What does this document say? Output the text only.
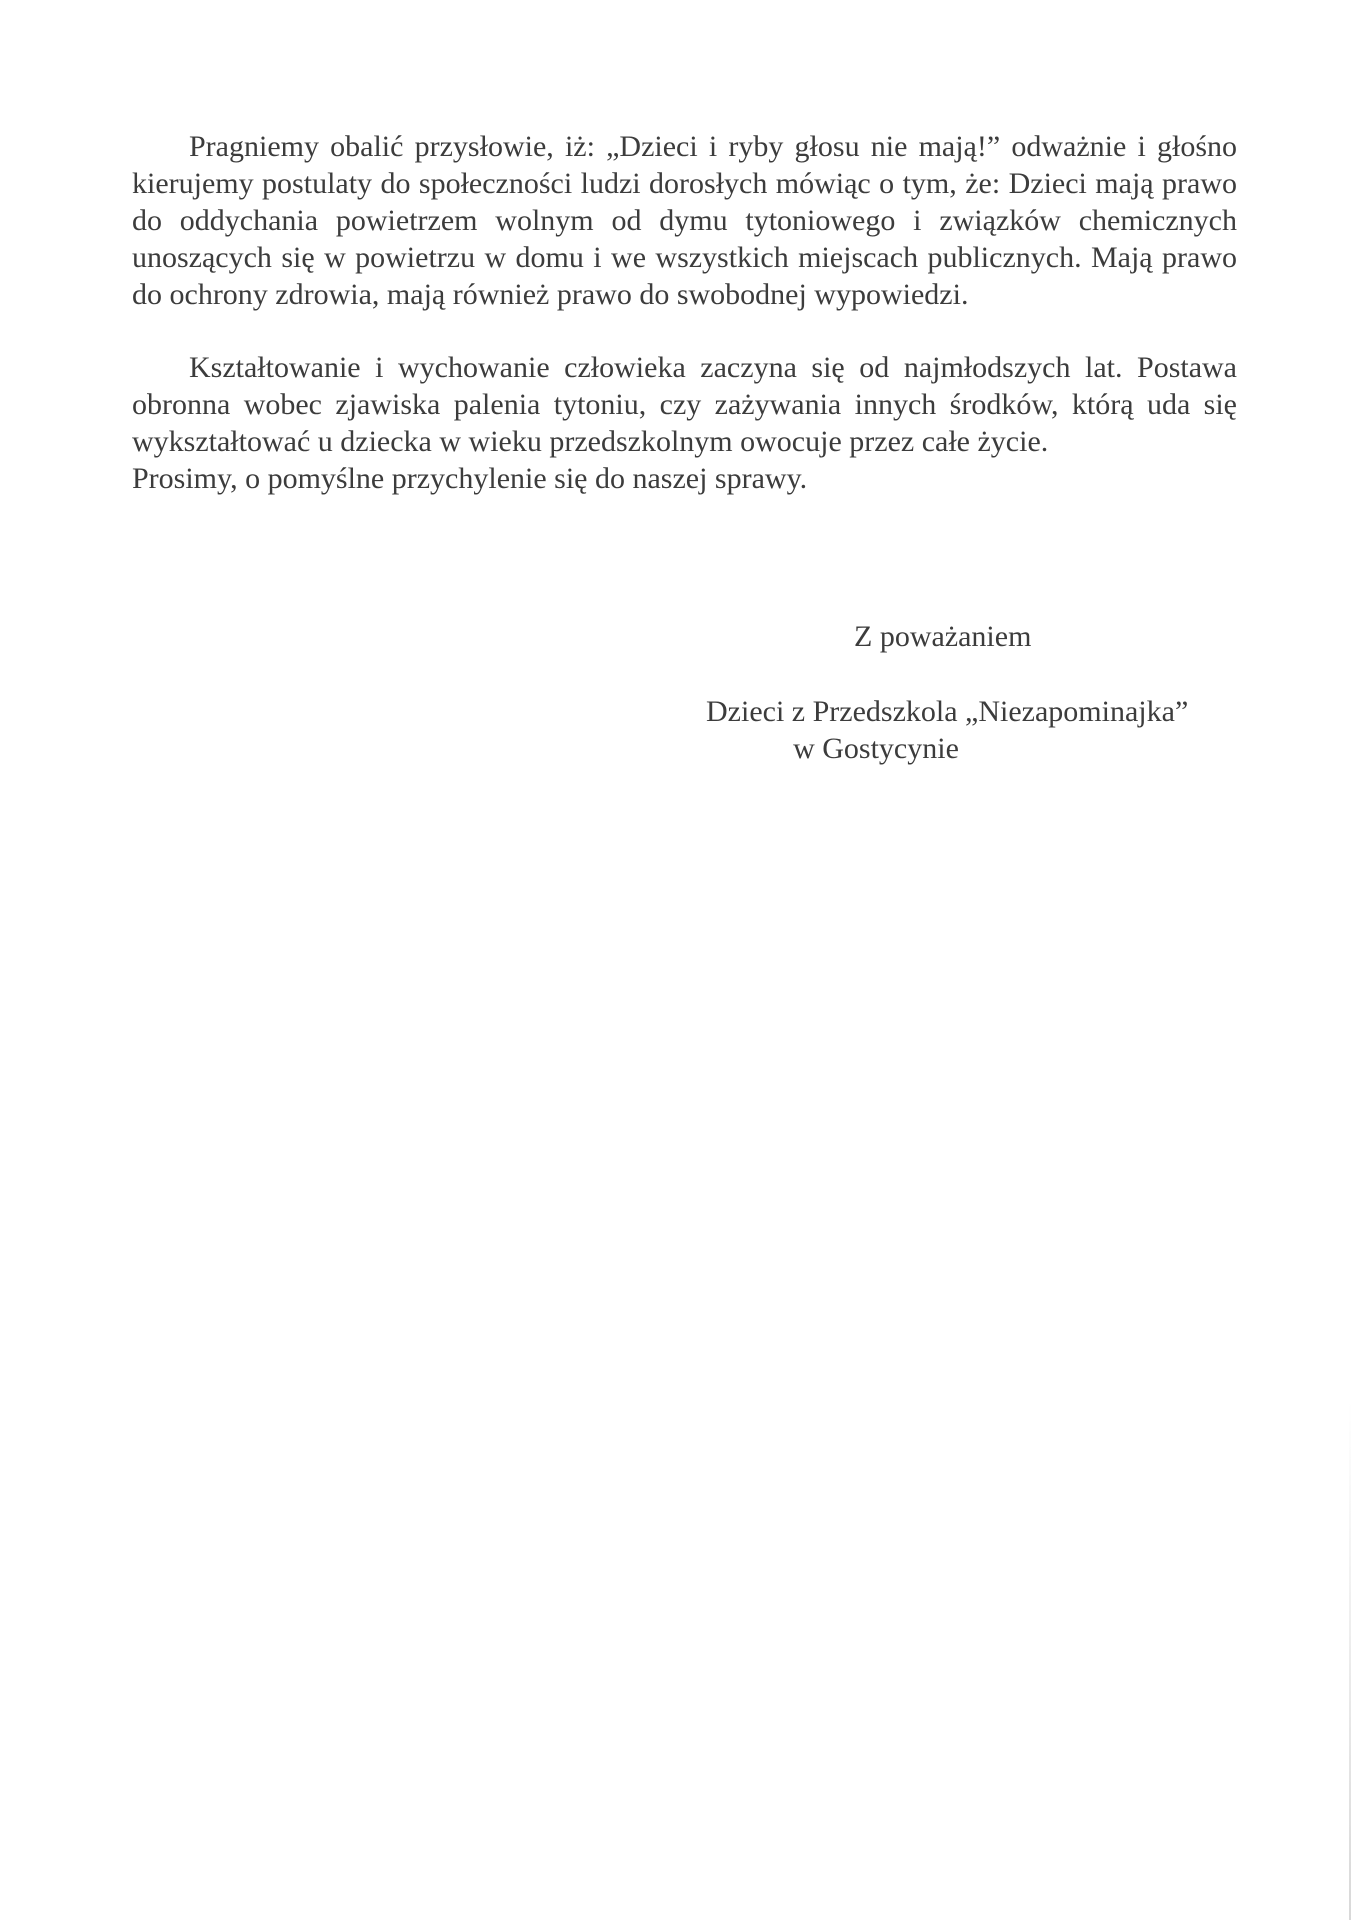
Pragniemy obalić przysłowie, iż: „Dzieci i ryby głosu nie mają!” odważnie i głośno kierujemy postulaty do społeczności ludzi dorosłych mówiąc o tym, że: Dzieci mają prawo do oddychania powietrzem wolnym od dymu tytoniowego i związków chemicznych unoszących się w powietrzu w domu i we wszystkich miejscach publicznych. Mają prawo do ochrony zdrowia, mają również prawo do swobodnej wypowiedzi.

Kształtowanie i wychowanie człowieka zaczyna się od najmłodszych lat. Postawa obronna wobec zjawiska palenia tytoniu, czy zażywania innych środków, którą uda się wykształtować u dziecka w wieku przedszkolnym owocuje przez całe życie.

Prosimy, o pomyślne przychylenie się do naszej sprawy.

Z poważaniem

Dzieci z Przedszkola „Niezapominajka”

w Gostycynie
